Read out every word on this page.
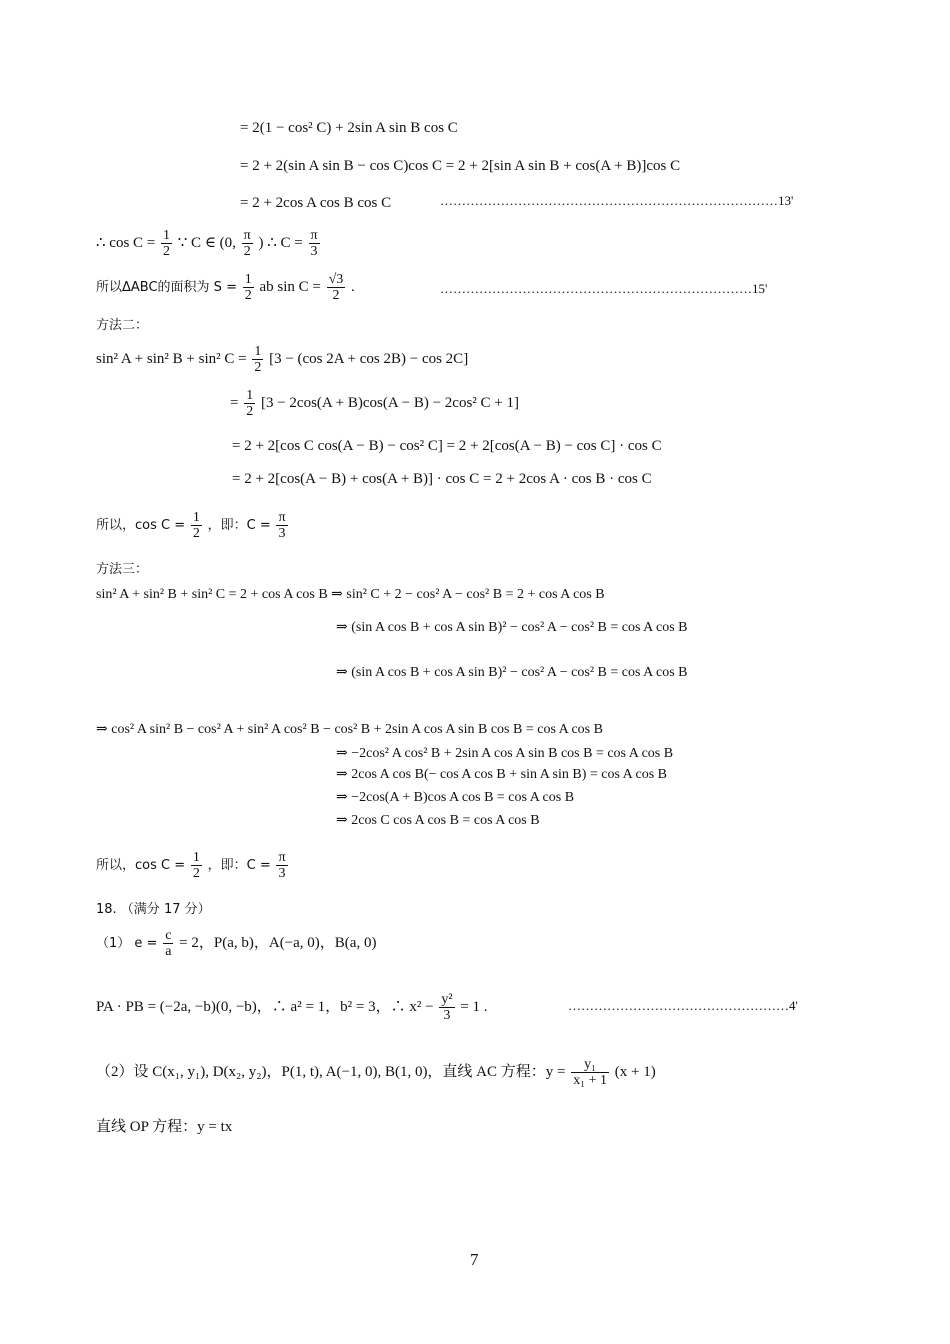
= 2(1 − cos² C) + 2sin A sin B cos C
= 2 + 2(sin A sin B − cos C)cos C = 2 + 2[sin A sin B + cos(A + B)]cos C
= 2 + 2cos A cos B cos C	……………………………………………………………………13'
∴ $\cos C = \frac{1}{2}$ ∵ C ∈ (0, $\frac{\pi}{2}$ ) ∴ $C = \frac{\pi}{3}$
所以ΔABC的面积为 $S = \frac{1}{2}$ ab $\sin C = \frac{√3}{2}$ .	………………………………………………………………15'
方法二：
sin² A + sin² B + sin² $C = \frac{1}{2} [3 - (\cos$ 2A + cos 2B) − cos 2C]
= $\frac{1}{2} [3 - 2\cos(A + B)\cos(A - B) - 2\cos^2$ C + 1]
= 2 + 2[cos C cos(A − B) − cos² C] = 2 + 2[cos(A − B) − cos C] · cos C
= 2 + 2[cos(A − B) + cos(A + B)] · cos C = 2 + 2cos A · cos B · cos C
所以，$\cos C = \frac{1}{2}$ ，即：$C = \frac{\pi}{3}$
方法三：
sin² A + sin² B + sin² C = 2 + cos A cos B ⇒ sin² C + 2 − cos² A − cos² B = 2 + cos A cos B
⇒ (sin A cos B + cos A sin B)² − cos² A − cos² B = cos A cos B
⇒ (sin A cos B + cos A sin B)² − cos² A − cos² B = cos A cos B
⇒ cos² A sin² B − cos² A + sin² A cos² B − cos² B + 2sin A cos A sin B cos B = cos A cos B
⇒ −2cos² A cos² B + 2sin A cos A sin B cos B = cos A cos B
⇒ 2cos A cos B(− cos A cos B + sin A sin B) = cos A cos B
⇒ −2cos(A + B)cos A cos B = cos A cos B
⇒ 2cos C cos A cos B = cos A cos B
所以，$\cos C = \frac{1}{2}$ ，即：$C = \frac{\pi}{3}$
18. （满分 17 分）
（1） $e = \frac{c}{a} = 2$，P(a, b)，A(−a, 0)，B(a, 0)
PA · PB = (−2a, −b)(0, −b)，∴ a² = 1，b² = 3，∴ $x^2 - \frac{\text{y²}}{3} = 1$ .	……………………………………………4'
（2）设 C(x₁, y₁), D(x₂, y₂)，P(1, t), A(−1, 0), B(1, 0)，直线 AC 方程：$y = \frac{\text{y₁}}{\text{x₁ + 1}} (x + 1)$
直线 OP 方程：y = tx
7
